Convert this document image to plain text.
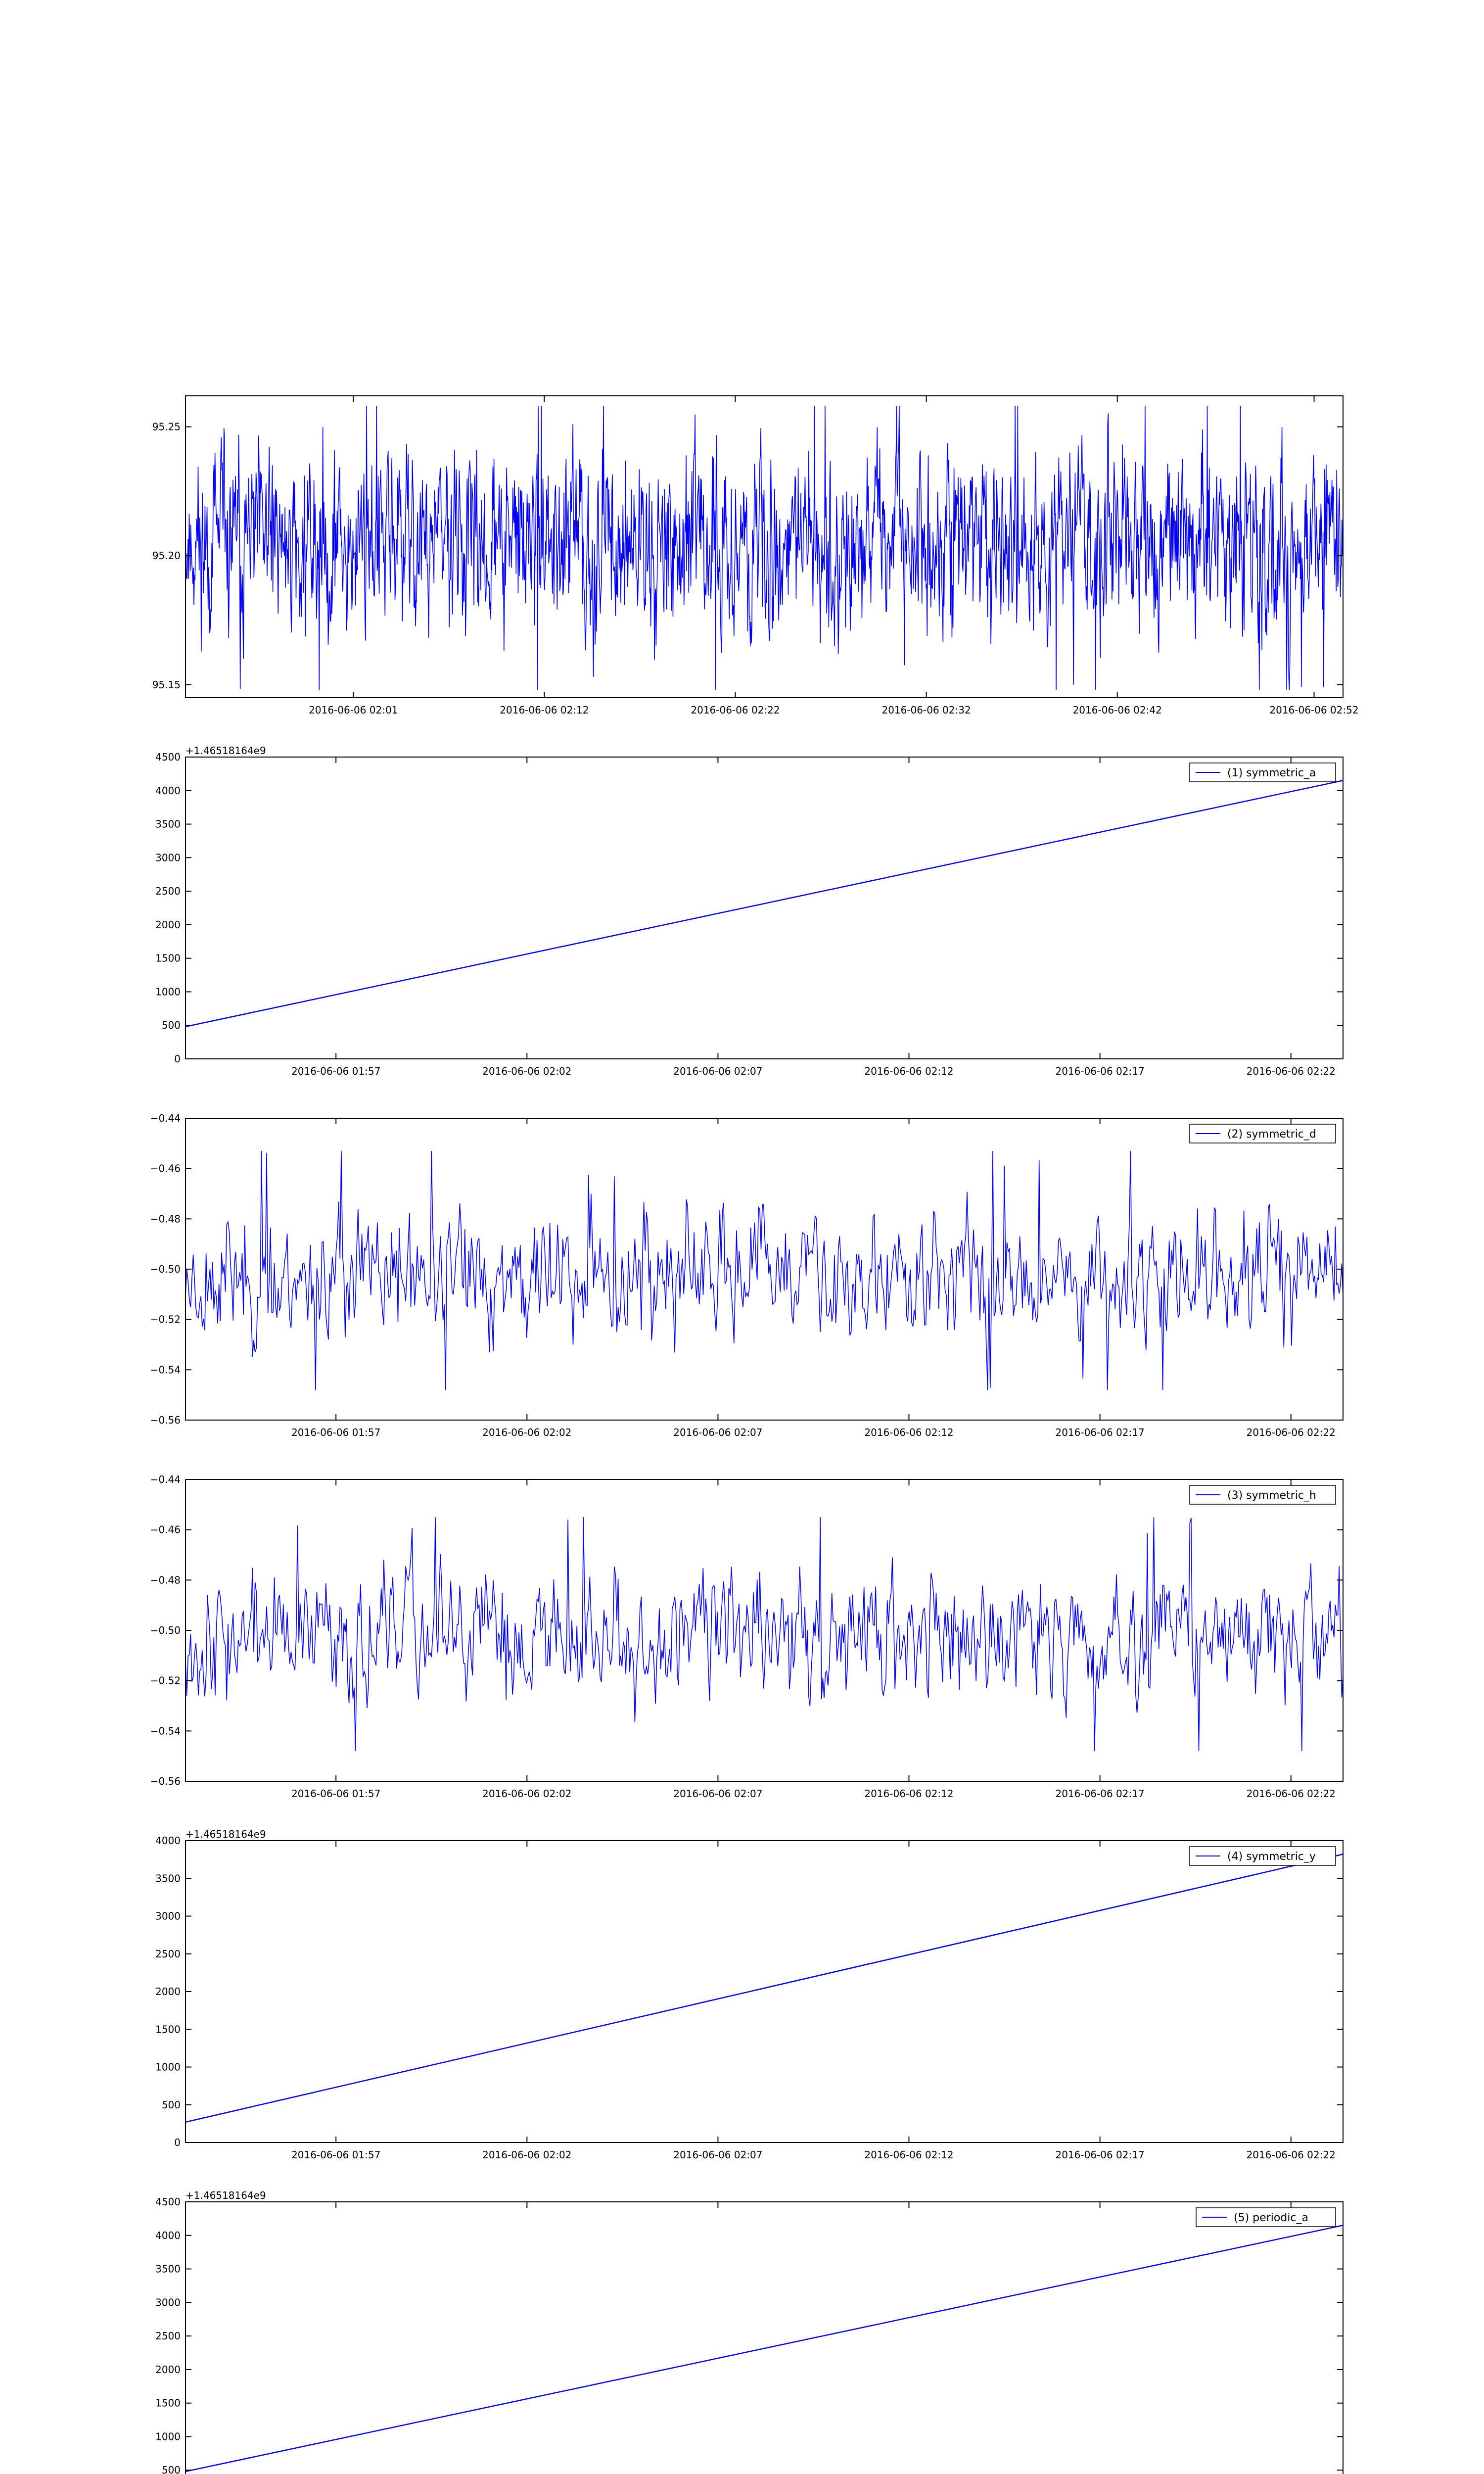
95.15
95.20
95.25
2016-06-06 02:01	2016-06-06 02:12	2016-06-06 02:22	2016-06-06 02:32	2016-06-06 02:42	2016-06-06 02:52
0
500
1000
1500
2000
2500
3000
3500
4000
4500
2016-06-06 01:57	2016-06-06 02:02	2016-06-06 02:07	2016-06-06 02:12	2016-06-06 02:17	2016-06-06 02:22
+1.46518164e9
(1) symmetric_a
−0.56
−0.54
−0.52
−0.50
−0.48
−0.46
−0.44
2016-06-06 01:57	2016-06-06 02:02	2016-06-06 02:07	2016-06-06 02:12	2016-06-06 02:17	2016-06-06 02:22
(2) symmetric_d
−0.56
−0.54
−0.52
−0.50
−0.48
−0.46
−0.44
2016-06-06 01:57	2016-06-06 02:02	2016-06-06 02:07	2016-06-06 02:12	2016-06-06 02:17	2016-06-06 02:22
(3) symmetric_h
0
500
1000
1500
2000
2500
3000
3500
4000
2016-06-06 01:57	2016-06-06 02:02	2016-06-06 02:07	2016-06-06 02:12	2016-06-06 02:17	2016-06-06 02:22
+1.46518164e9
(4) symmetric_y
500
1000
1500
2000
2500
3000
3500
4000
4500
+1.46518164e9
(5) periodic_a
